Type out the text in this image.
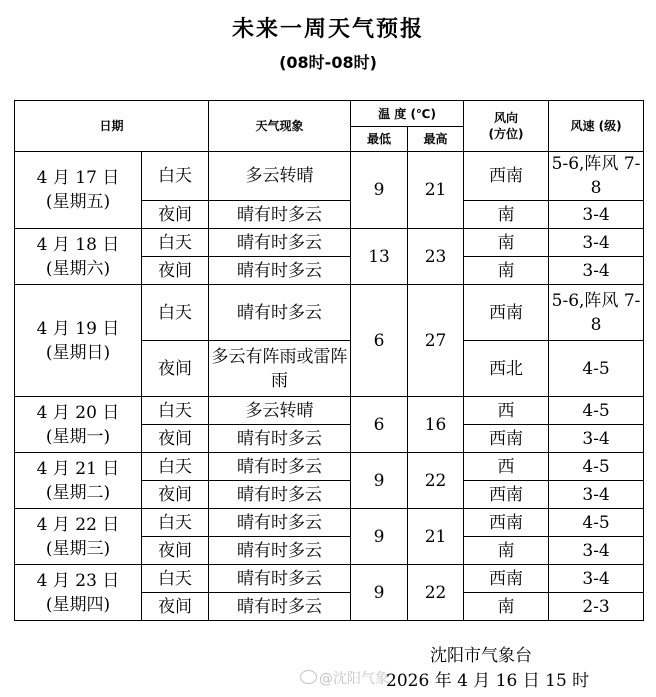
未来一周天气预报
(08时-08时)
日期		天气现象	温 度 (℃)		风向
(方位)	风速 (级)
			最低	最高		

4 月 17 日
(星期五)	白天	多云转晴	9	21	西南	5-6,阵风 7-8
	夜间	晴有时多云			南	3-4

4 月 18 日
(星期六)	白天	晴有时多云	13	23	南	3-4
	夜间	晴有时多云			南	3-4

4 月 19 日
(星期日)	白天	晴有时多云	6	27	西南	5-6,阵风 7-8
	夜间	多云有阵雨或雷阵雨			西北	4-5

4 月 20 日
(星期一)	白天	多云转晴	6	16	西	4-5
	夜间	晴有时多云			西南	3-4

4 月 21 日
(星期二)	白天	晴有时多云	9	22	西	4-5
	夜间	晴有时多云			西南	3-4

4 月 22 日
(星期三)	白天	晴有时多云	9	21	西南	4-5
	夜间	晴有时多云			南	3-4

4 月 23 日
(星期四)	白天	晴有时多云	9	22	西南	3-4
	夜间	晴有时多云			南	2-3
沈阳市气象台
@沈阳气象
2026 年 4 月 16 日 15 时
